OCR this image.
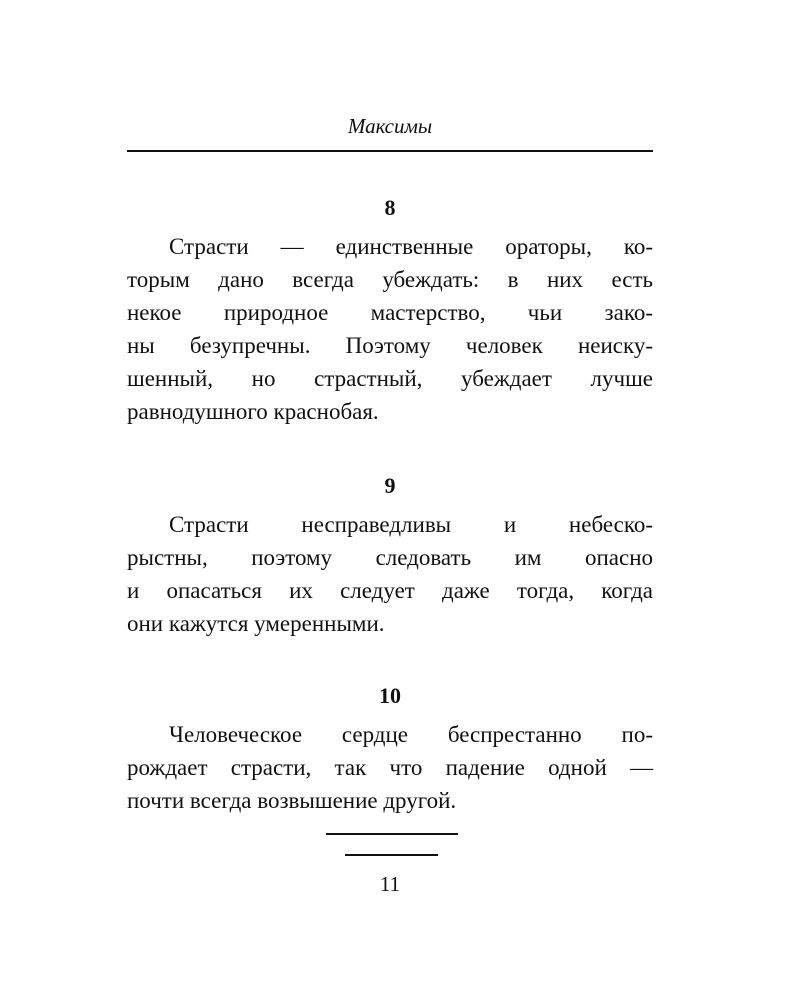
Максимы
8
Страсти — единственные ораторы, ко-
торым дано всегда убеждать: в них есть
некое природное мастерство, чьи зако-
ны безупречны. Поэтому человек неиску-
шенный, но страстный, убеждает лучше
равнодушного краснобая.
9
Страсти несправедливы и небеско-
рыстны, поэтому следовать им опасно
и опасаться их следует даже тогда, когда
они кажутся умеренными.
10
Человеческое сердце беспрестанно по-
рождает страсти, так что падение одной —
почти всегда возвышение другой.
11
